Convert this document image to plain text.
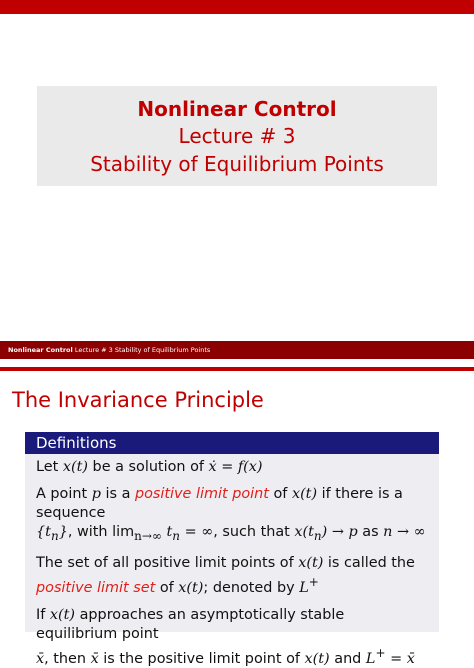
Nonlinear Control
Lecture # 3
Stability of Equilibrium Points
Nonlinear Control Lecture # 3 Stability of Equilibrium Points
The Invariance Principle
Definitions

Let x(t) be a solution of ẋ = f(x)

A point p is a positive limit point of x(t) if there is a sequence
$\{t_n\}$, with $\lim_{n\to\infty} t_n$ = ∞, such that $x(t_n) \to p$ as n → ∞

The set of all positive limit points of x(t) is called the positive limit set of x(t); denoted by L+

If x(t) approaches an asymptotically stable equilibrium point
x̄, then x̄ is the positive limit point of x(t) and L+ = x̄
